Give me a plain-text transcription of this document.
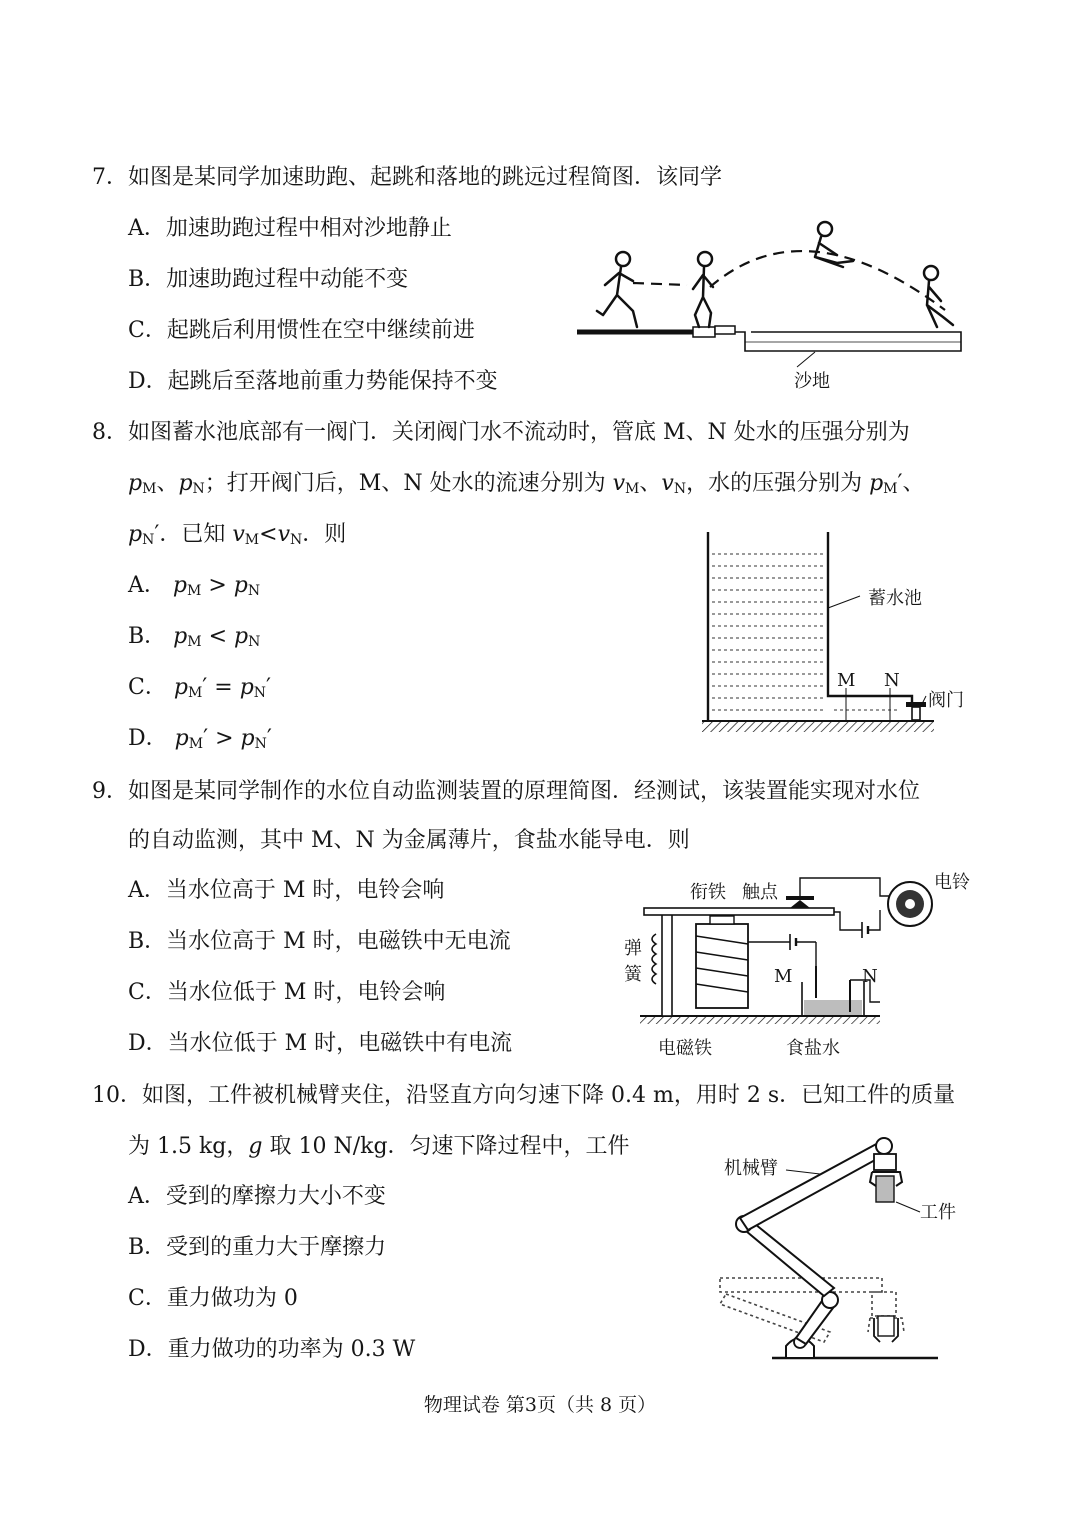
7．如图是某同学加速助跑、起跳和落地的跳远过程简图．该同学
A．加速助跑过程中相对沙地静止
B．加速助跑过程中动能不变
C．起跳后利用惯性在空中继续前进
D．起跳后至落地前重力势能保持不变	沙地
8．如图蓄水池底部有一阀门．关闭阀门水不流动时，管底 M、N 处水的压强分别为
$p_M$、$p_N$；打开阀门后，M、N 处水的流速分别为 $v_M$、$v_N$，水的压强分别为 $p_M'$、
$p_N'$．已知 $v_M<v_N$．则
A． $p_M > p_N$
B． $p_M < p_N$
C． $p_M' = p_N'$
D． $p_M' > p_N'$
蓄水池
M N
阀门
9．如图是某同学制作的水位自动监测装置的原理简图．经测试，该装置能实现对水位
的自动监测，其中 M、N 为金属薄片，食盐水能导电．则
A．当水位高于 M 时，电铃会响
B．当水位高于 M 时，电磁铁中无电流
C．当水位低于 M 时，电铃会响
D．当水位低于 M 时，电磁铁中有电流
衔铁 触点	电铃
弹
簧	M	N
电磁铁	食盐水
10．如图，工件被机械臂夹住，沿竖直方向匀速下降 0.4 m，用时 2 s．已知工件的质量
为 1.5 kg，g 取 10 N/kg．匀速下降过程中，工件
A．受到的摩擦力大小不变
B．受到的重力大于摩擦力
C．重力做功为 0
D．重力做功的功率为 0.3 W
机械臂
工件
物理试卷 第3页（共 8 页）
